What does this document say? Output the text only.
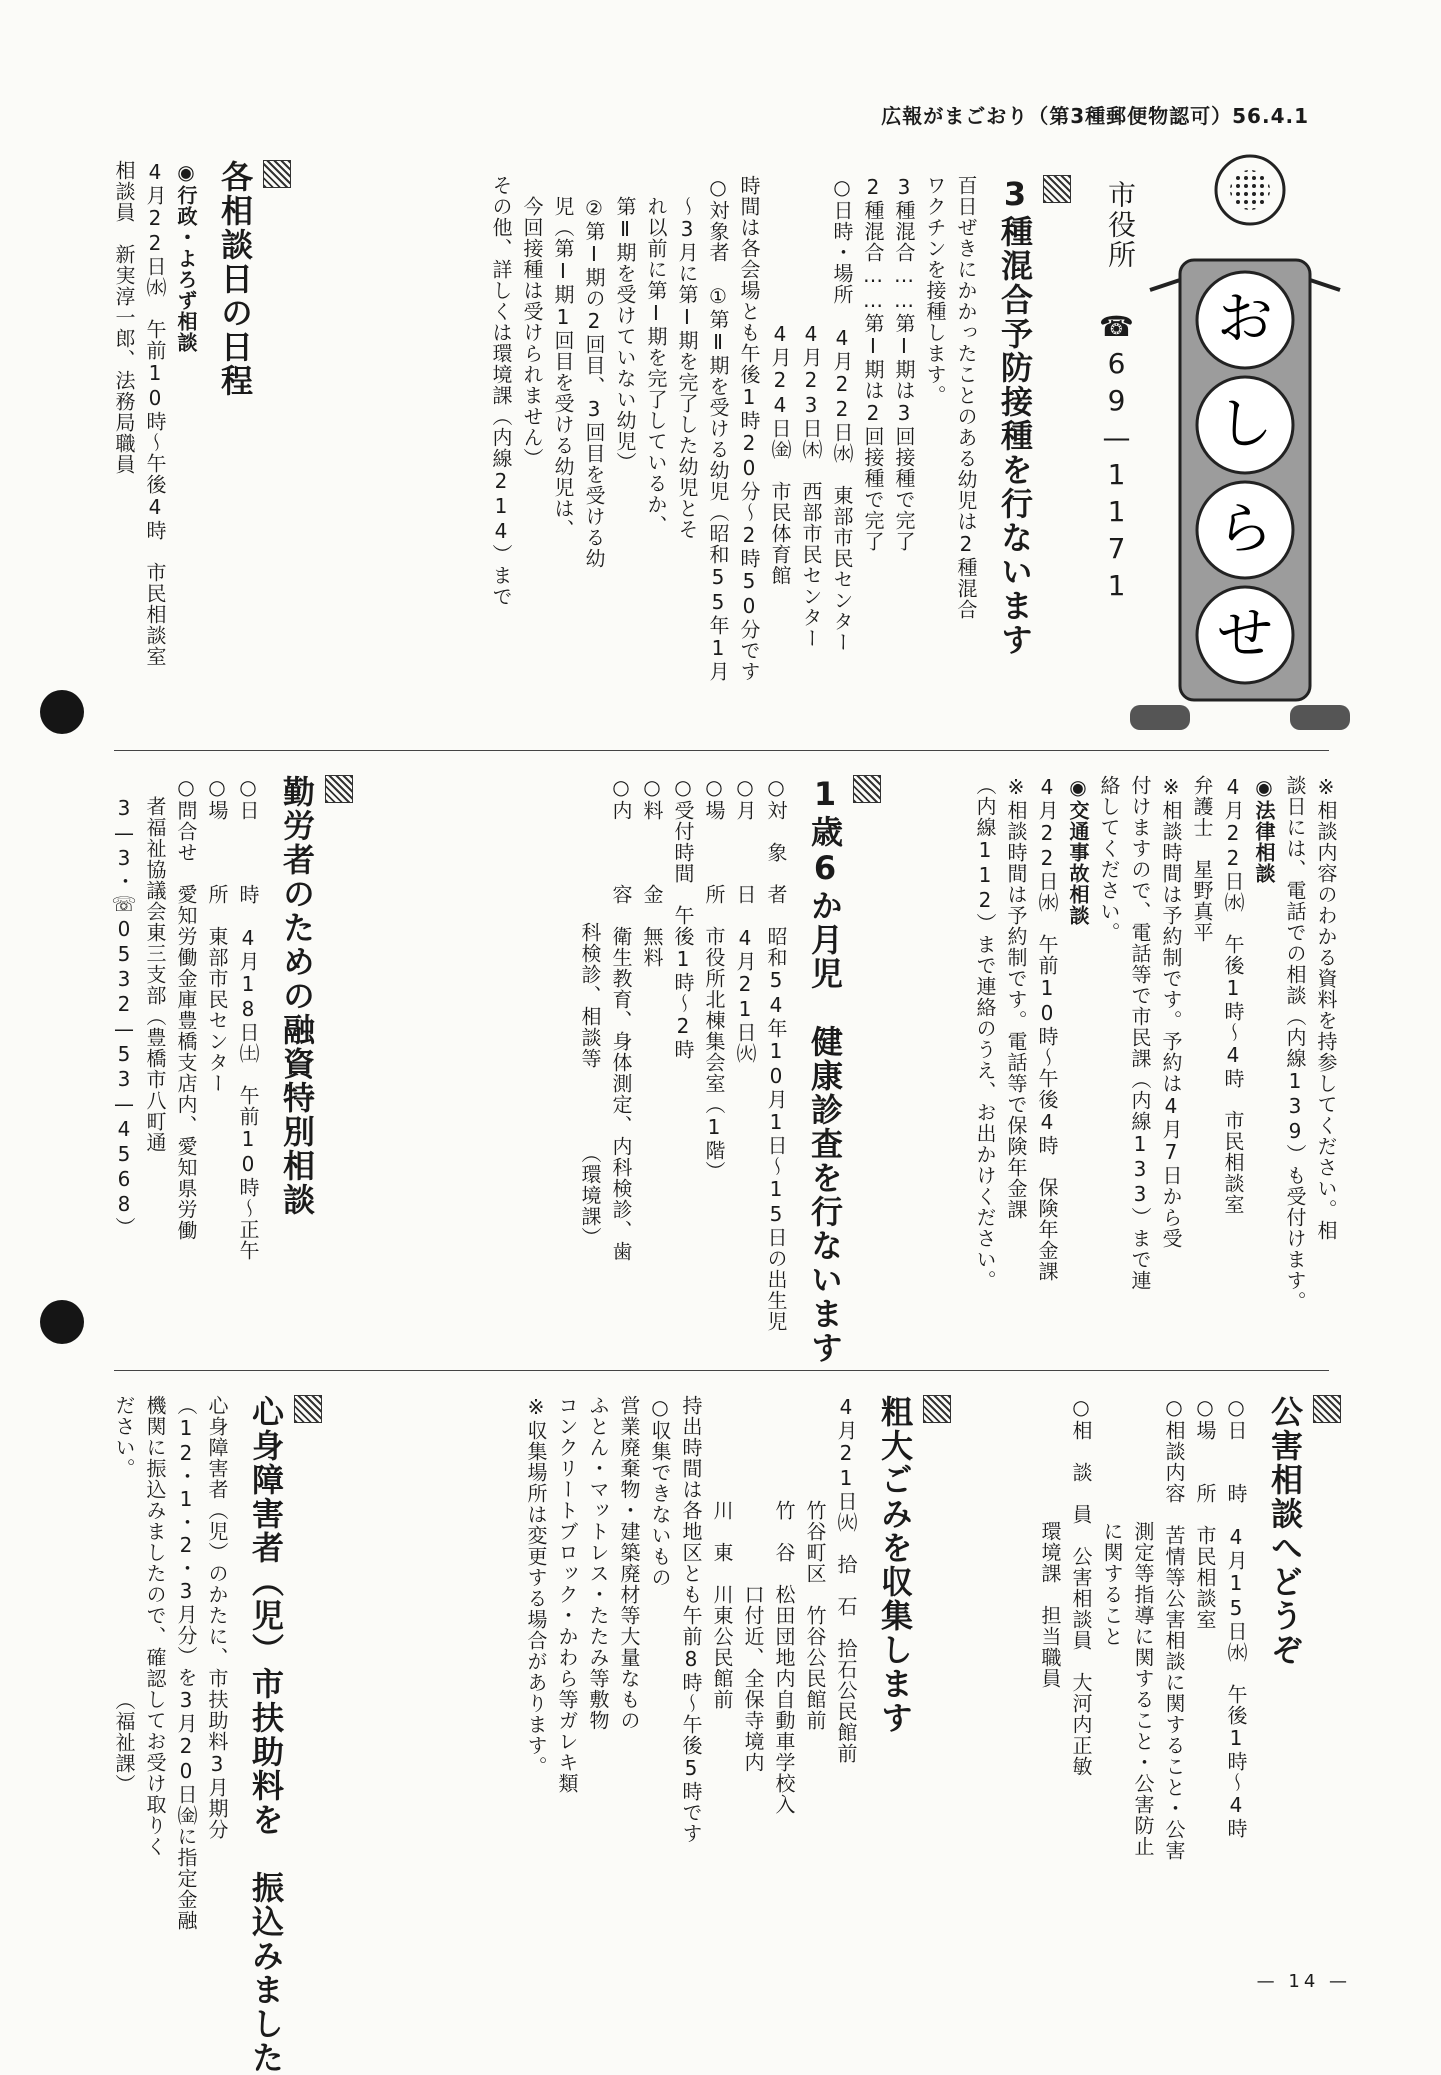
広報がまごおり（第3種郵便物認可）56.4.1
お
し
ら
せ
市役所
☎69—1171
3種混合予防接種を行ないます
百日ぜきにかかったことのある幼児は2種混合
ワクチンを接種します。
3種混合……第Ⅰ期は3回接種で完了
2種混合……第Ⅰ期は2回接種で完了
○日時・場所　4月22日㈬　東部市民センター
　　　　　　　4月23日㈭　西部市民センター
　　　　　　　4月24日㈮　市民体育館
時間は各会場とも午後1時20分～2時50分です
○対象者　①第Ⅱ期を受ける幼児（昭和55年1月
　～3月に第Ⅰ期を完了した幼児とそ
　れ以前に第Ⅰ期を完了しているか、
　第Ⅱ期を受けていない幼児）
　②第Ⅰ期の2回目、3回目を受ける幼
　児（第Ⅰ期1回目を受ける幼児は、
　今回接種は受けられません）
その他、詳しくは環境課（内線214）まで
各相談日の日程
◉行政・よろず相談
4月22日㈬　午前10時～午後4時　市民相談室
相談員　新実淳一郎、法務局職員
※相談内容のわかる資料を持参してください。相
談日には、電話での相談（内線139）も受付けます。
◉法律相談
4月22日㈬　午後1時～4時　市民相談室
弁護士　星野真平
※相談時間は予約制です。予約は4月7日から受
付けますので、電話等で市民課（内線133）まで連
絡してください。
◉交通事故相談
4月22日㈬　午前10時～午後4時　保険年金課
※相談時間は予約制です。電話等で保険年金課
（内線112）まで連絡のうえ、お出かけください。
1歳6か月児　健康診査を行ないます
○対　象　者　昭和54年10月1日～15日の出生児
○月　　　日　4月21日㈫
○場　　　所　市役所北棟集会室（1階）
○受付時間　午後1時～2時
○料　　　金　無料
○内　　　容　衛生教育、身体測定、内科検診、歯
　　　　　　　科検診、相談等　　　　（環境課）
勤労者のための融資特別相談
○日　　　時　4月18日㈯　午前10時～正午
○場　　　所　東部市民センター
○問合せ　愛知労働金庫豊橋支店内、愛知県労働
　者福祉協議会東三支部（豊橋市八町通
　3—3・☏0532—53—4568）
公害相談へどうぞ
○日　　時　4月15日㈬　午後1時～4時
○場　　所　市民相談室
○相談内容　苦情等公害相談に関すること・公害
　　　　　　測定等指導に関すること・公害防止
　　　　　　に関すること
○相　談　員　公害相談員　大河内正敏
　　　　　　環境課　担当職員
粗大ごみを収集します
4月21日㈫　拾　石　拾石公民館前
　　　　　竹谷町区　竹谷公民館前
　　　　　竹　谷　松田団地内自動車学校入
　　　　　　　　　口付近、全保寺境内
　　　　　川　東　川東公民館前
持出時間は各地区とも午前8時～午後5時です
○収集できないもの
営業廃棄物・建築廃材等大量なもの
ふとん・マットレス・たたみ等敷物
コンクリートブロック・かわら等ガレキ類
※収集場所は変更する場合があります。
心身障害者（児）市扶助料を　振込みました
心身障害者（児）のかたに、市扶助料3月期分
（12・1・2・3月分）を3月20日㈮に指定金融
機関に振込みましたので、確認してお受け取りく
ださい。　　　　　　　　　　　（福祉課）
— 14 —
